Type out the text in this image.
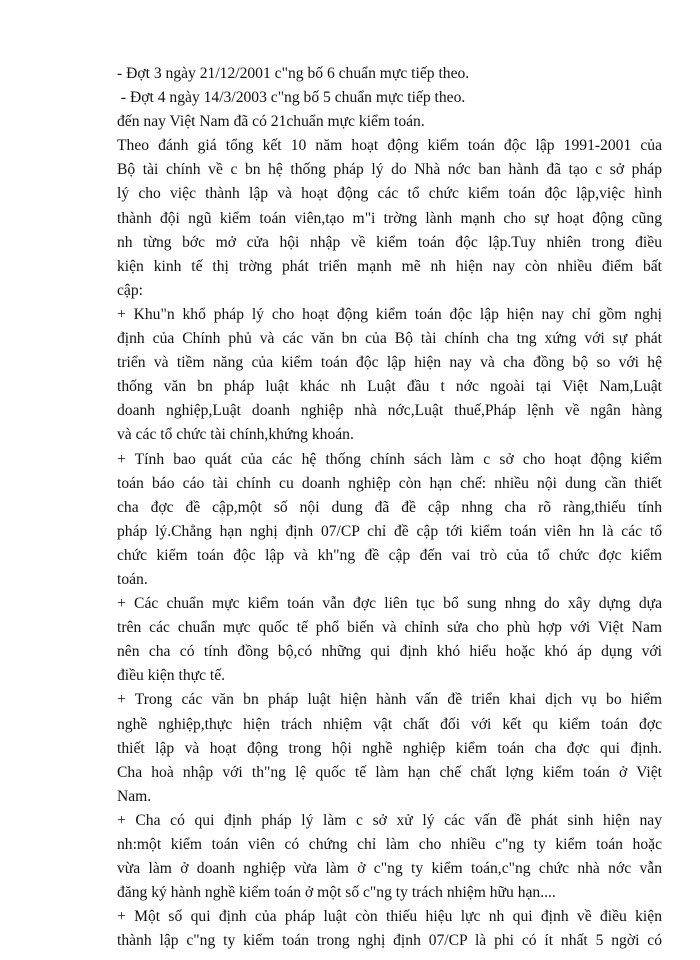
- Đợt 3 ngày 21/12/2001 c"ng bố 6 chuẩn mực tiếp theo.
- Đợt 4 ngày 14/3/2003 c"ng bố 5 chuẩn mực tiếp theo.
đến nay Việt Nam đã có 21chuẩn mực kiểm toán.
Theo đánh giá tổng kết 10 năm hoạt động kiểm toán độc lập 1991-2001 của
Bộ tài chính về c bn hệ thống pháp lý do Nhà nớc ban hành đã tạo c sở pháp
lý cho việc thành lập và hoạt động các tổ chức kiểm toán độc lập,việc hình
thành đội ngũ kiểm toán viên,tạo m"i trờng lành mạnh cho sự hoạt động cũng
nh từng bớc mở cửa hội nhập về kiểm toán độc lập.Tuy nhiên trong điều
kiện kinh tế thị trờng phát triển mạnh mẽ nh hiện nay còn nhiều điểm bất
cập:
+ Khu"n khổ pháp lý cho hoạt động kiểm toán độc lập hiện nay chỉ gồm nghị
định của Chính phủ và các văn bn của Bộ tài chính cha tng xứng với sự phát
triển và tiềm năng của kiểm toán độc lập hiện nay và cha đồng bộ so với hệ
thống văn bn pháp luật khác nh Luật đầu t nớc ngoài tại Việt Nam,Luật
doanh nghiệp,Luật doanh nghiệp nhà nớc,Luật thuế,Pháp lệnh về ngân hàng
và các tổ chức tài chính,khứng khoán.
+ Tính bao quát của các hệ thống chính sách làm c sở cho hoạt động kiểm
toán báo cáo tài chính cu doanh nghiệp còn hạn chế: nhiều nội dung cần thiết
cha đợc đề cập,một số nội dung đã đề cập nhng cha rõ ràng,thiếu tính
pháp lý.Chẳng hạn nghị định 07/CP chỉ đề cập tới kiểm toán viên hn là các tổ
chức kiểm toán độc lập và kh"ng đề cập đến vai trò của tổ chức đợc kiểm
toán.
+ Các chuẩn mực kiểm toán vẫn đợc liên tục bổ sung nhng do xây dựng dựa
trên các chuẩn mực quốc tế phổ biến và chỉnh sửa cho phù hợp với Việt Nam
nên cha có tính đồng bộ,có những qui định khó hiểu hoặc khó áp dụng với
điều kiện thực tế.
+ Trong các văn bn pháp luật hiện hành vấn đề triển khai dịch vụ bo hiểm
nghề nghiệp,thực hiện trách nhiệm vật chất đối với kết qu kiểm toán đợc
thiết lập và hoạt động trong hội nghề nghiệp kiểm toán cha đợc qui định.
Cha hoà nhập với th"ng lệ quốc tế làm hạn chế chất lợng kiểm toán ở Việt
Nam.
+ Cha có qui định pháp lý làm c sở xử lý các vấn đề phát sinh hiện nay
nh:một kiểm toán viên có chứng chỉ làm cho nhiều c"ng ty kiểm toán hoặc
vừa làm ở doanh nghiệp vừa làm ở c"ng ty kiểm toán,c"ng chức nhà nớc vẫn
đăng ký hành nghề kiểm toán ở một số c"ng ty trách nhiệm hữu hạn....
+ Một số qui định của pháp luật còn thiếu hiệu lực nh qui định về điều kiện
thành lập c"ng ty kiểm toán trong nghị định 07/CP là phi có ít nhất 5 ngời có
